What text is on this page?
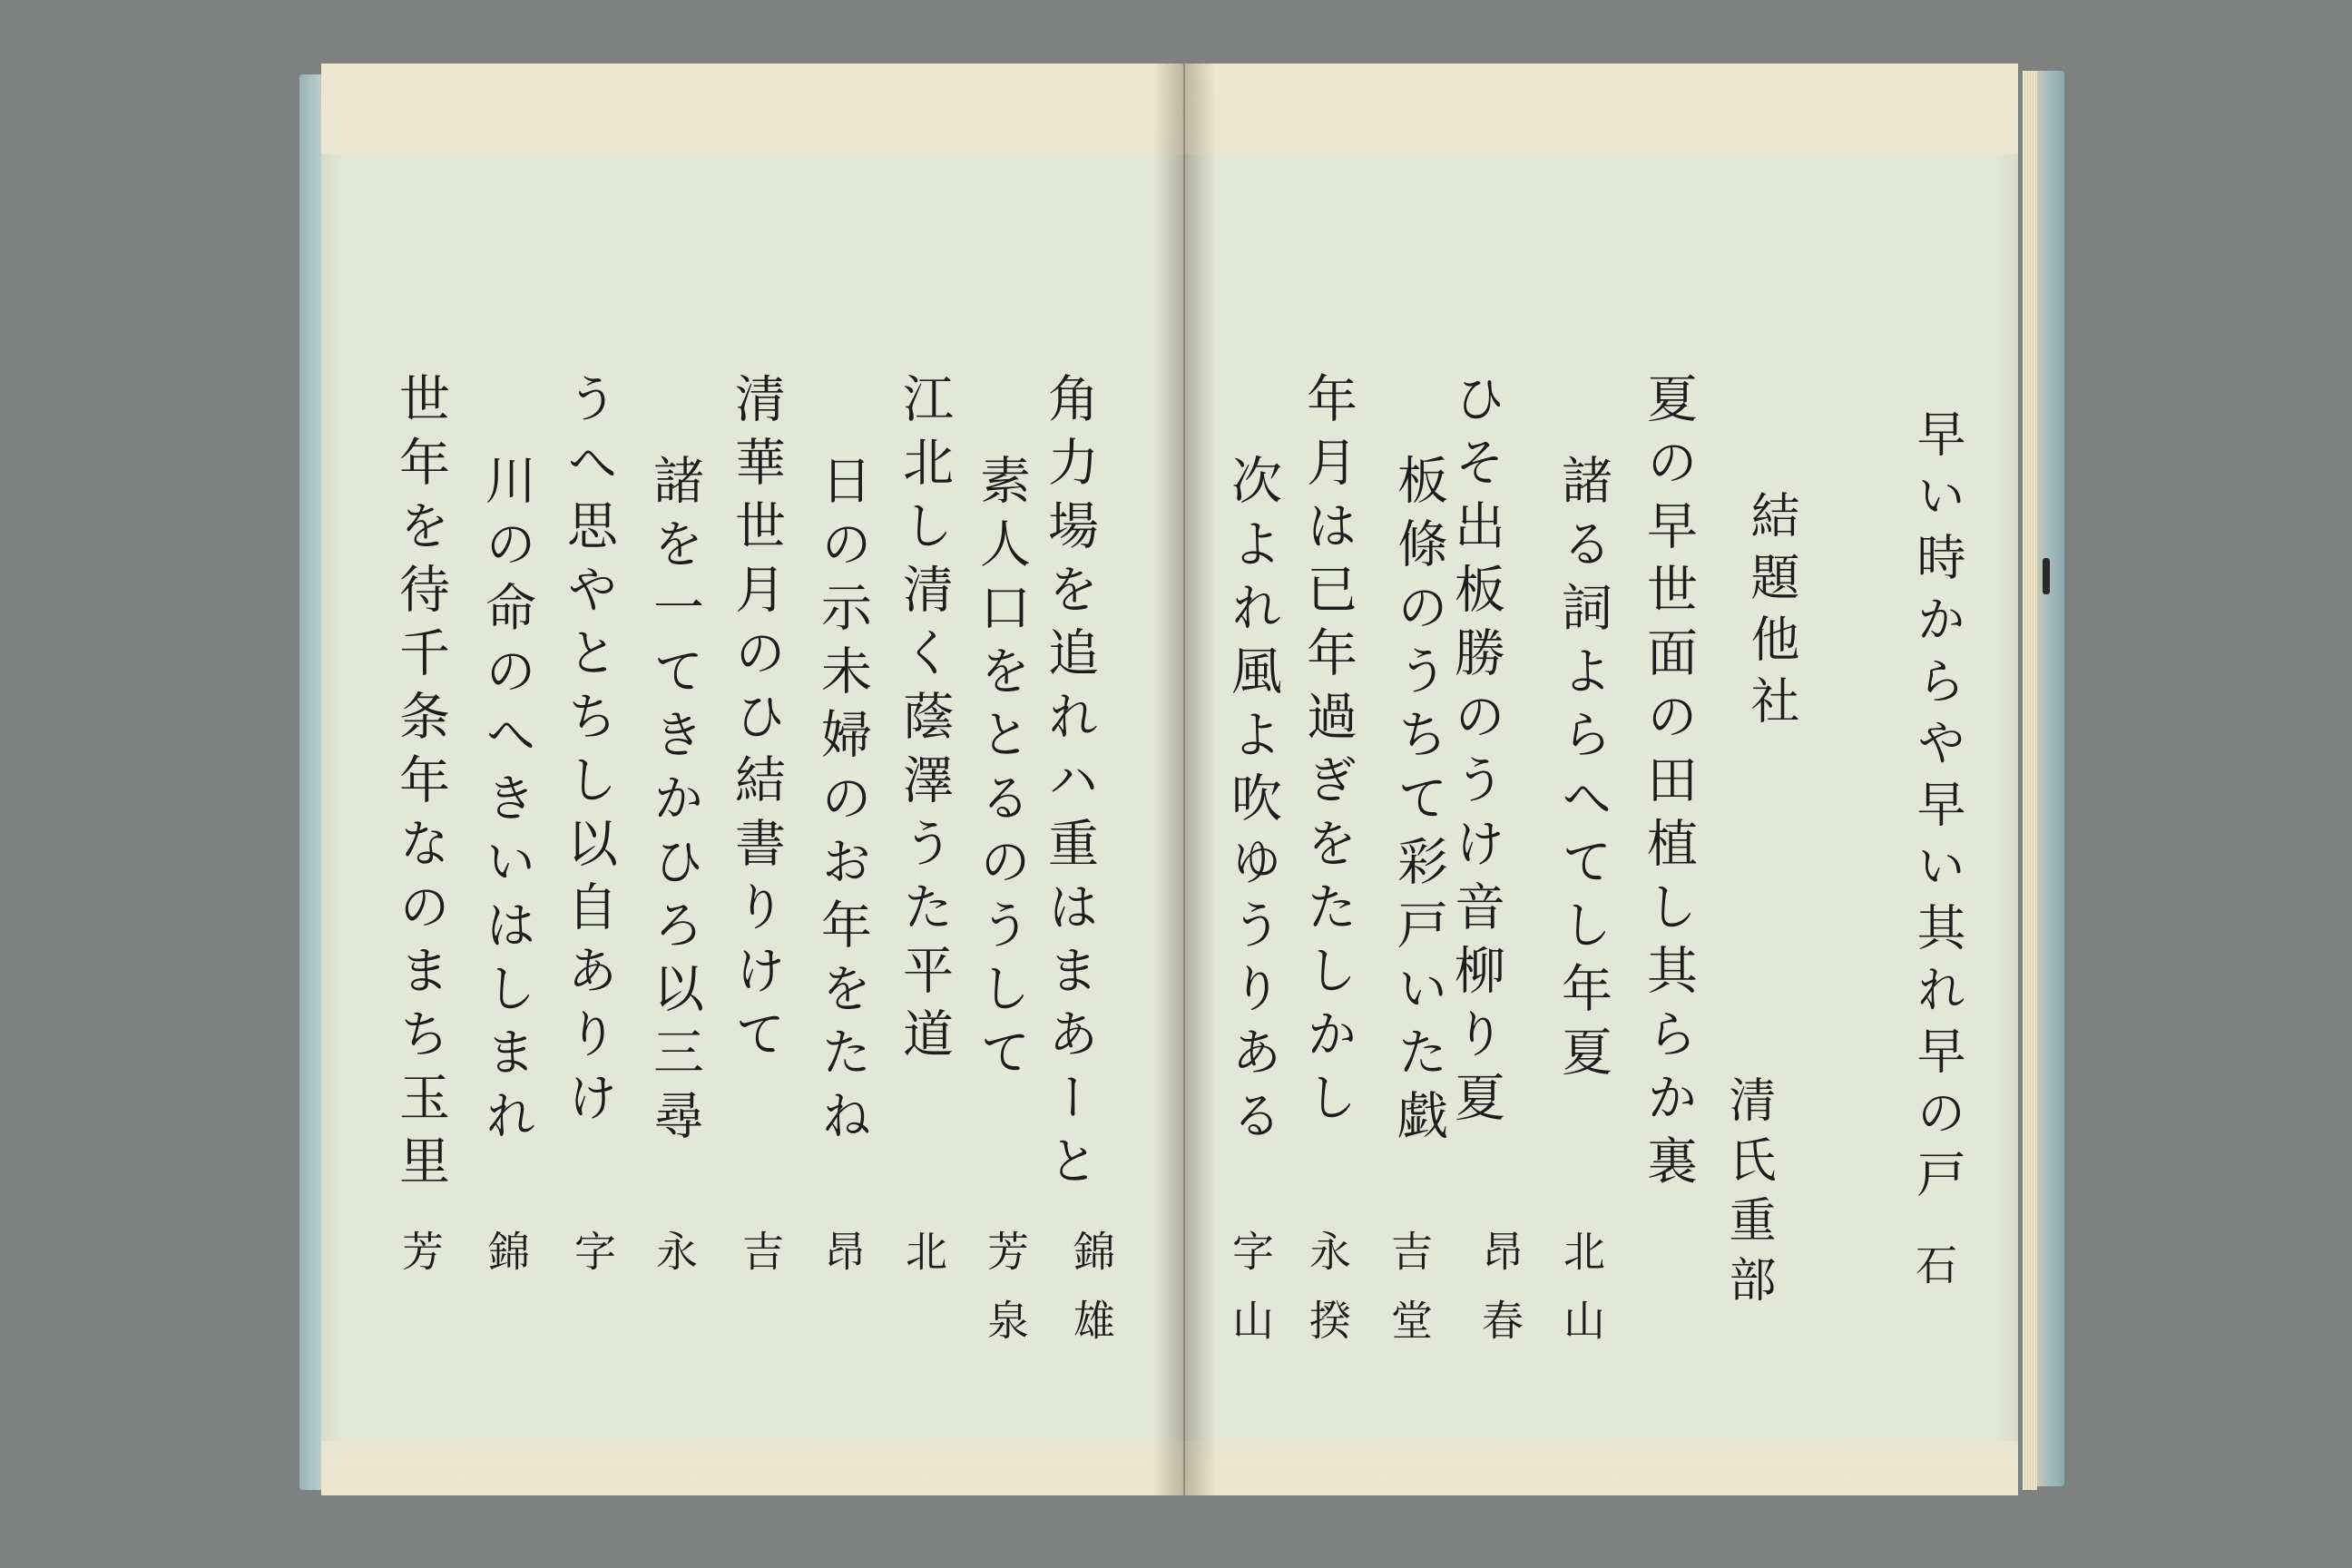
早い時からや早い其れ早の戸
石
結題他社
清氏重部
夏の早世面の田植し其らか裏
北山
諸る詞よらへてし年夏
昂春
ひそ出板勝のうけ音柳り夏
吉堂
板條のうちて彩戸いた戯
永揆
年月は已年過ぎをたしかし
字山
次よれ風よ吹ゆうりある
角力場を追れハ重はまあーと
錦雄
素人口をとるのうして
芳泉
江北し清く蔭澤うた平道
北
日の示未婦のお年をたね
昂
清華世月のひ結書りけて
吉
諸を一てきかひろ以三尋
永
うへ思やとちし以自ありけ
字
川の命のへきいはしまれ
錦
世年を待千条年なのまち玉里
芳
